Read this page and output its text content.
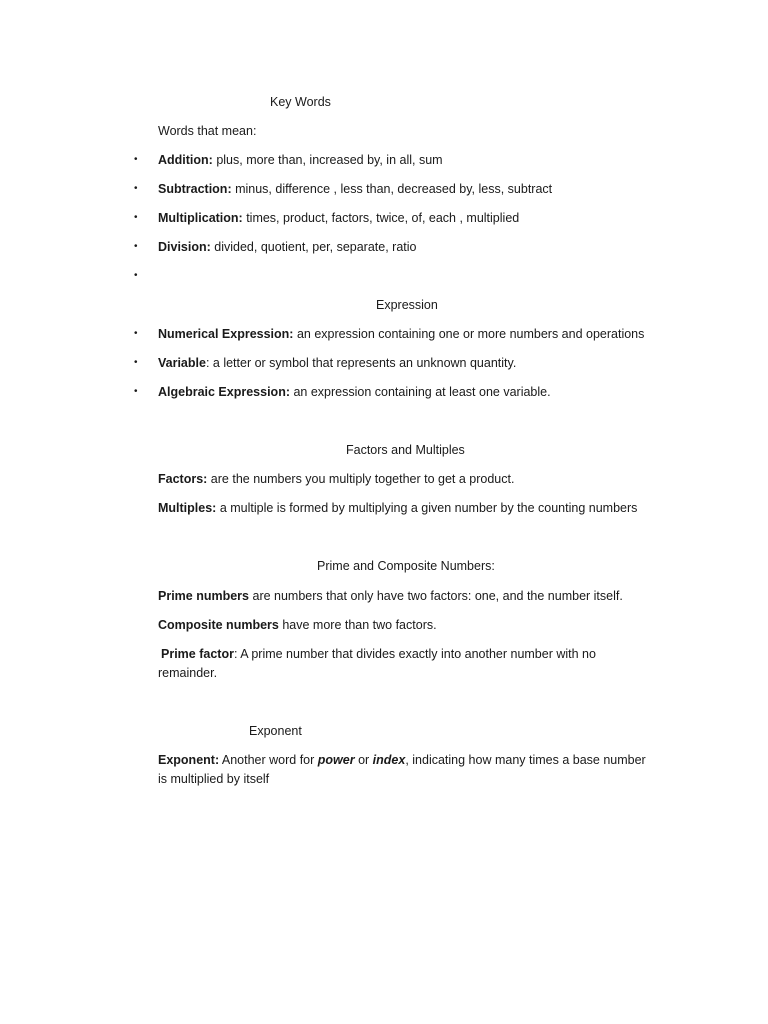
Key Words
Words that mean:
• Addition: plus, more than, increased by, in all, sum
• Subtraction: minus, difference , less than, decreased by, less, subtract
• Multiplication: times, product, factors, twice, of, each , multiplied
• Division: divided, quotient, per, separate, ratio
•
Expression
• Numerical Expression: an expression containing one or more numbers and operations
• Variable: a letter or symbol that represents an unknown quantity.
• Algebraic Expression: an expression containing at least one variable.
Factors and Multiples
Factors: are the numbers you multiply together to get a product.
Multiples: a multiple is formed by multiplying a given number by the counting numbers
Prime and Composite Numbers:
Prime numbers are numbers that only have two factors: one, and the number itself.
Composite numbers have more than two factors.
Prime factor: A prime number that divides exactly into another number with no
remainder.
Exponent
Exponent: Another word for power or index, indicating how many times a base number
is multiplied by itself
